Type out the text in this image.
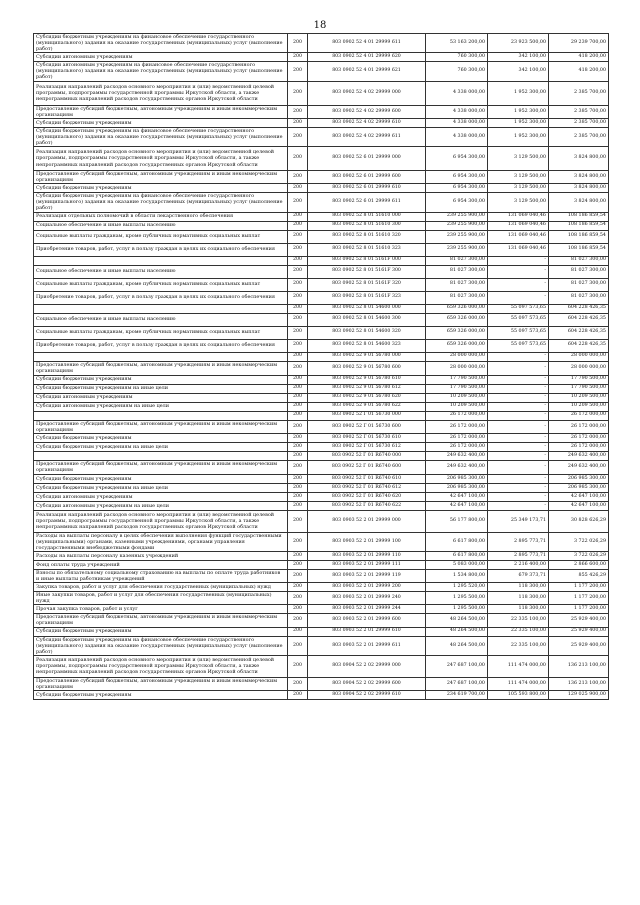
18
Субсидии бюджетным учреждениям на финансовое обеспечение государственного (муниципального) задания на оказание государственных (муниципальных) услуг (выполнение работ)	200	803 0902 52 4 01 29999 611	53 163 200,00	23 923 500,00	29 239 700,00
Субсидии автономным учреждениям	200	803 0902 52 4 01 29999 620	760 300,00	342 100,00	418 200,00
Субсидии автономным учреждениям на финансовое обеспечение государственного (муниципального) задания на оказание государственных (муниципальных) услуг (выполнение работ)	200	803 0902 52 4 01 29999 621	760 300,00	342 100,00	418 200,00
Реализация направлений расходов основного мероприятия и (или) ведомственной целевой программы, подпрограммы государственной программы Иркутской области, а также непрограммных направлений расходов государственных органов Иркутской области	200	803 0902 52 4 02 29999 000	4 338 000,00	1 952 300,00	2 385 700,00
Предоставление субсидий бюджетным, автономным учреждениям и иным некоммерческим организациям	200	803 0902 52 4 02 29999 600	4 338 000,00	1 952 300,00	2 385 700,00
Субсидии бюджетным учреждениям	200	803 0902 52 4 02 29999 610	4 338 000,00	1 952 300,00	2 385 700,00
Субсидии бюджетным учреждениям на финансовое обеспечение государственного (муниципального) задания на оказание государственных (муниципальных) услуг (выполнение работ)	200	803 0902 52 4 02 29999 611	4 338 000,00	1 952 300,00	2 385 700,00
Реализация направлений расходов основного мероприятия и (или) ведомственной целевой программы, подпрограммы государственной программы Иркутской области, а также непрограммных направлений расходов государственных органов Иркутской области	200	803 0902 52 6 01 29999 000	6 954 300,00	3 129 500,00	3 824 800,00
Предоставление субсидий бюджетным, автономным учреждениям и иным некоммерческим организациям	200	803 0902 52 6 01 29999 600	6 954 300,00	3 129 500,00	3 824 800,00
Субсидии бюджетным учреждениям	200	803 0902 52 6 01 29999 610	6 954 300,00	3 129 500,00	3 824 800,00
Субсидии бюджетным учреждениям на финансовое обеспечение государственного (муниципального) задания на оказание государственных (муниципальных) услуг (выполнение работ)	200	803 0902 52 6 01 29999 611	6 954 300,00	3 129 500,00	3 824 800,00
Реализация отдельных полномочий в области лекарственного обеспечения	200	803 0902 52 8 01 51610 000	239 255 900,00	131 069 040,46	108 186 859,54
Социальное обеспечение и иные выплаты населению	200	803 0902 52 8 01 51610 300	239 255 900,00	131 069 040,46	108 186 859,54
Социальные выплаты гражданам, кроме публичных нормативных социальных выплат	200	803 0902 52 8 01 51610 320	239 255 900,00	131 069 040,46	108 186 859,54
Приобретение товаров, работ, услуг в пользу граждан в целях их социального обеспечения	200	803 0902 52 8 01 51610 323	239 255 900,00	131 069 040,46	108 186 859,54
	200	803 0902 52 8 01 5161F 000	81 027 300,00	-	81 027 300,00
Социальное обеспечение и иные выплаты населению	200	803 0902 52 8 01 5161F 300	81 027 300,00	-	81 027 300,00
Социальные выплаты гражданам, кроме публичных нормативных социальных выплат	200	803 0902 52 8 01 5161F 320	81 027 300,00	-	81 027 300,00
Приобретение товаров, работ, услуг в пользу граждан в целях их социального обеспечения	200	803 0902 52 8 01 5161F 323	81 027 300,00	-	81 027 300,00
	200	803 0902 52 8 01 54600 000	659 326 000,00	55 097 573,65	604 228 426,35
Социальное обеспечение и иные выплаты населению	200	803 0902 52 8 01 54600 300	659 326 000,00	55 097 573,65	604 228 426,35
Социальные выплаты гражданам, кроме публичных нормативных социальных выплат	200	803 0902 52 8 01 54600 320	659 326 000,00	55 097 573,65	604 228 426,35
Приобретение товаров, работ, услуг в пользу граждан в целях их социального обеспечения	200	803 0902 52 8 01 54600 323	659 326 000,00	55 097 573,65	604 228 426,35
	200	803 0902 52 9 01 56780 000	28 000 000,00	-	28 000 000,00
Предоставление субсидий бюджетным, автономным учреждениям и иным некоммерческим организациям	200	803 0902 52 9 01 56780 600	28 000 000,00	-	28 000 000,00
Субсидии бюджетным учреждениям	200	803 0902 52 9 01 56780 610	17 790 500,00	-	17 790 500,00
Субсидии бюджетным учреждениям на иные цели	200	803 0902 52 9 01 56780 612	17 790 500,00	-	17 790 500,00
Субсидии автономным учреждениям	200	803 0902 52 9 01 56780 620	10 209 500,00	-	10 209 500,00
Субсидии автономным учреждениям на иные цели	200	803 0902 52 9 01 56780 622	10 209 500,00	-	10 209 500,00
	200	803 0902 52 Г 01 56730 000	26 172 000,00	-	26 172 000,00
Предоставление субсидий бюджетным, автономным учреждениям и иным некоммерческим организациям	200	803 0902 52 Г 01 56730 600	26 172 000,00	-	26 172 000,00
Субсидии бюджетным учреждениям	200	803 0902 52 Г 01 56730 610	26 172 000,00	-	26 172 000,00
Субсидии бюджетным учреждениям на иные цели	200	803 0902 52 Г 01 56730 612	26 172 000,00	-	26 172 000,00
	200	803 0902 52 Г 01 R6740 000	249 632 400,00	-	249 632 400,00
Предоставление субсидий бюджетным, автономным учреждениям и иным некоммерческим организациям	200	803 0902 52 Г 01 R6740 600	249 632 400,00	-	249 632 400,00
Субсидии бюджетным учреждениям	200	803 0902 52 Г 01 R6740 610	206 985 300,00	-	206 985 300,00
Субсидии бюджетным учреждениям на иные цели	200	803 0902 52 Г 01 R6740 612	206 985 300,00	-	206 985 300,00
Субсидии автономным учреждениям	200	803 0902 52 Г 01 R6740 620	42 647 100,00	-	42 647 100,00
Субсидии автономным учреждениям на иные цели	200	803 0902 52 Г 01 R6740 622	42 647 100,00	-	42 647 100,00
Реализация направлений расходов основного мероприятия и (или) ведомственной целевой программы, подпрограммы государственной программы Иркутской области, а также непрограммных направлений расходов государственных органов Иркутской области	200	803 0903 52 2 01 29999 000	56 177 800,00	25 349 173,71	30 828 626,29
Расходы на выплаты персоналу в целях обеспечения выполнения функций государственными (муниципальными) органами, казенными учреждениями, органами управления государственными внебюджетными фондами	200	803 0903 52 2 01 29999 100	6 617 800,00	2 895 773,71	3 722 026,29
Расходы на выплаты персоналу казенных учреждений	200	803 0903 52 2 01 29999 110	6 617 800,00	2 895 773,71	3 722 026,29
Фонд оплаты труда учреждений	200	803 0903 52 2 01 29999 111	5 083 000,00	2 216 400,00	2 866 600,00
Взносы по обязательному социальному страхованию на выплаты по оплате труда работников и иные выплаты работникам учреждений	200	803 0903 52 2 01 29999 119	1 534 800,00	679 373,71	855 426,29
Закупка товаров, работ и услуг для обеспечения государственных (муниципальных) нужд	200	803 0903 52 2 01 29999 200	1 295 520,00	118 300,00	1 177 200,00
Иные закупки товаров, работ и услуг для обеспечения государственных (муниципальных) нужд	200	803 0903 52 2 01 29999 240	1 295 500,00	118 300,00	1 177 200,00
Прочая закупка товаров, работ и услуг	200	803 0903 52 2 01 29999 244	1 295 500,00	118 300,00	1 177 200,00
Предоставление субсидий бюджетным, автономным учреждениям и иным некоммерческим организациям	200	803 0903 52 2 01 29999 600	48 264 500,00	22 335 100,00	25 929 400,00
Субсидии бюджетным учреждениям	200	803 0903 52 2 01 29999 610	48 264 500,00	22 335 100,00	25 929 400,00
Субсидии бюджетным учреждениям на финансовое обеспечение государственного (муниципального) задания на оказание государственных (муниципальных) услуг (выполнение работ)	200	803 0903 52 2 01 29999 611	48 264 500,00	22 335 100,00	25 929 400,00
Реализация направлений расходов основного мероприятия и (или) ведомственной целевой программы, подпрограммы государственной программы Иркутской области, а также непрограммных направлений расходов государственных органов Иркутской области	200	803 0904 52 2 02 29999 000	247 687 100,00	111 474 000,00	136 213 100,00
Предоставление субсидий бюджетным, автономным учреждениям и иным некоммерческим организациям	200	803 0904 52 2 02 29999 600	247 687 100,00	111 474 000,00	136 213 100,00
Субсидии бюджетным учреждениям	200	803 0904 52 2 02 29999 610	234 619 700,00	105 593 800,00	129 025 900,00
